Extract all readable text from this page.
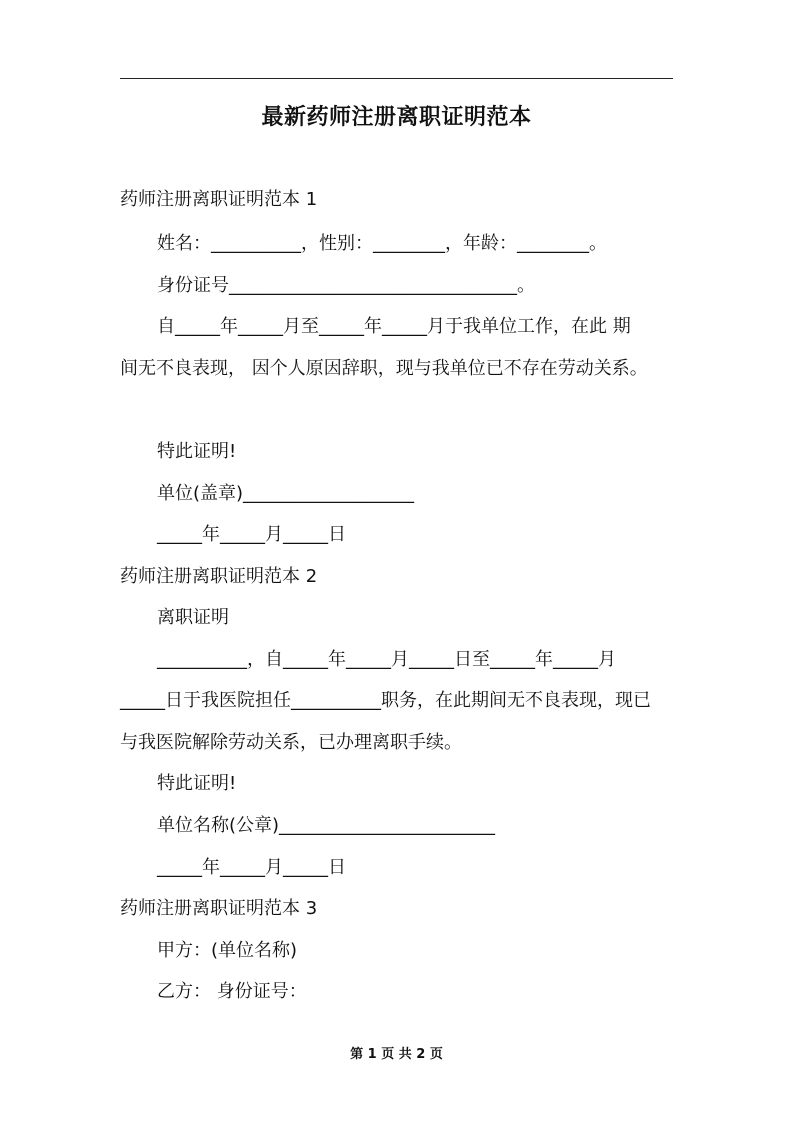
最新药师注册离职证明范本
药师注册离职证明范本 1
姓名：__________，性别：________，年龄：________。
身份证号________________________________。
自_____年_____月至_____年_____月于我单位工作，在此 期
间无不良表现， 因个人原因辞职，现与我单位已不存在劳动关系。
特此证明!
单位(盖章)___________________
_____年_____月_____日
药师注册离职证明范本 2
离职证明
__________，自_____年_____月_____日至_____年_____月
_____日于我医院担任__________职务，在此期间无不良表现，现已
与我医院解除劳动关系，已办理离职手续。
特此证明!
单位名称(公章)________________________
_____年_____月_____日
药师注册离职证明范本 3
甲方：(单位名称)
乙方： 身份证号：
第 1 页 共 2 页
